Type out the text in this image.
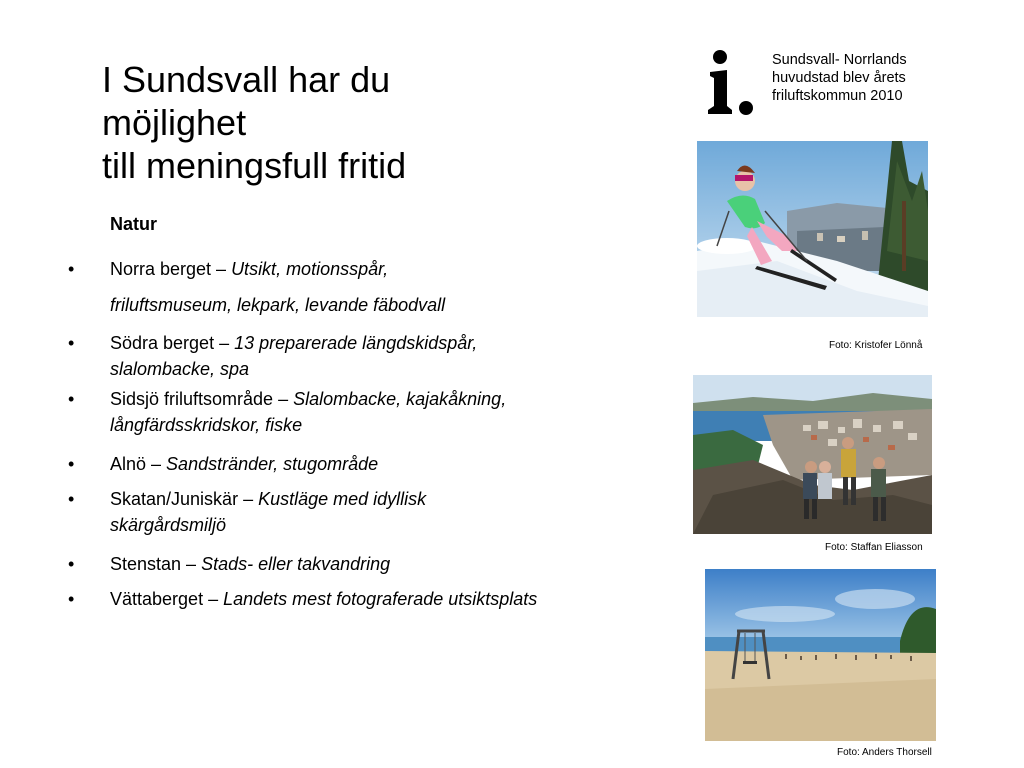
I Sundsvall har du
möjlighet
till meningsfull fritid
Natur
•	Norra berget – Utsikt, motionsspår,
friluftsmuseum, lekpark, levande fäbodvall
•	Södra berget – 13 preparerade längdskidspår, slalombacke, spa
•	Sidsjö friluftsområde – Slalombacke, kajakåkning, långfärdsskridskor, fiske
•	Alnö – Sandstränder, stugområde
•	Skatan/Juniskär – Kustläge med idyllisk skärgårdsmiljö
•	Stenstan – Stads- eller takvandring
•	Vättaberget – Landets mest fotograferade utsiktsplats
Sundsvall- Norrlands
huvudstad blev årets
friluftskommun 2010
Foto: Kristofer Lönnå
Foto: Staffan Eliasson
Foto: Anders Thorsell
